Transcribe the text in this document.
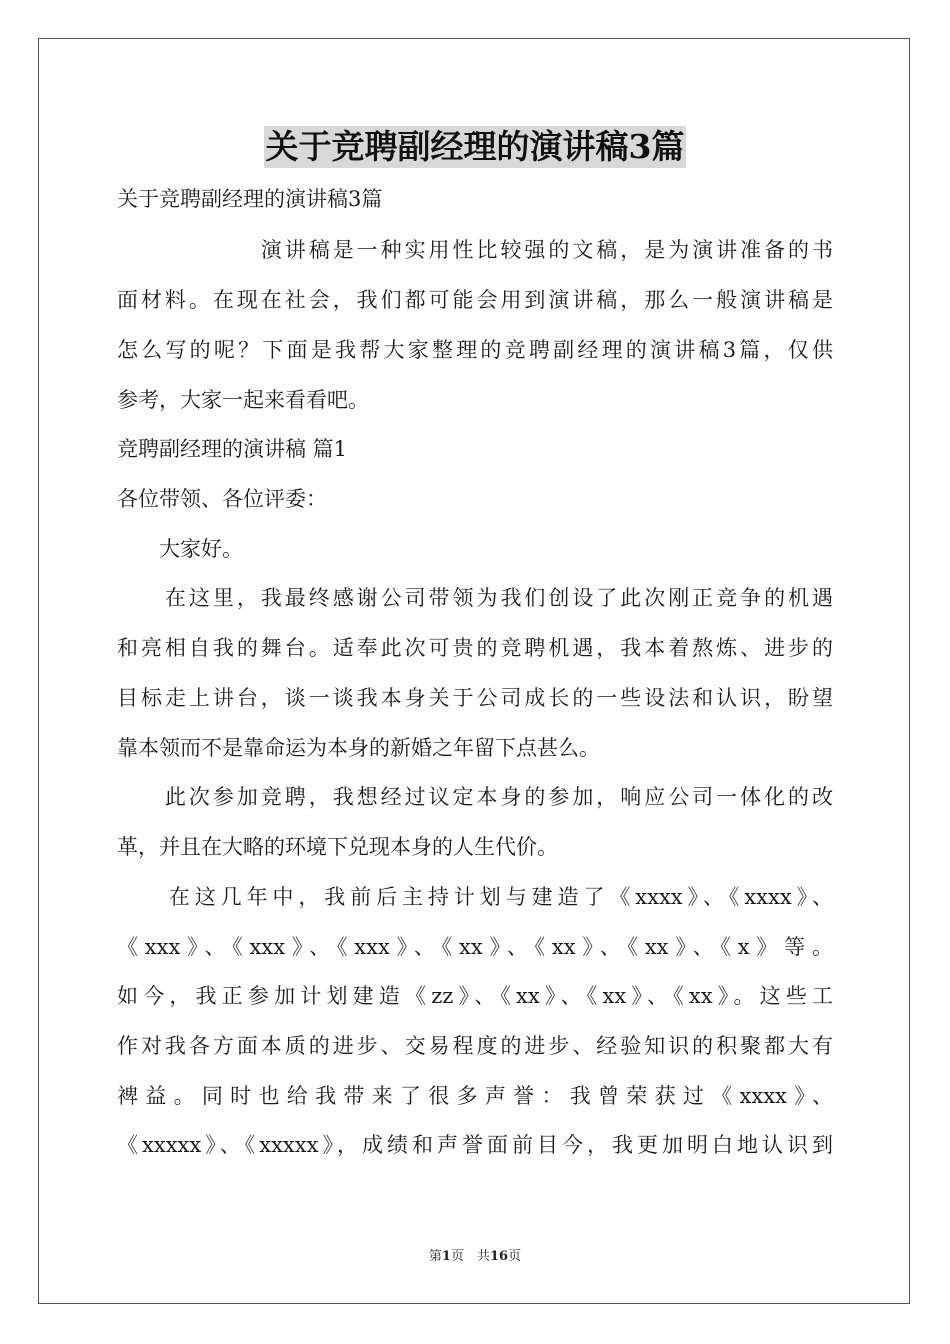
关于竞聘副经理的演讲稿3篇
关于竞聘副经理的演讲稿3篇
　　　　　　演讲稿是一种实用性比较强的文稿，是为演讲准备的书
面材料。在现在社会，我们都可能会用到演讲稿，那么一般演讲稿是
怎么写的呢？下面是我帮大家整理的竞聘副经理的演讲稿3篇，仅供
参考，大家一起来看看吧。
竞聘副经理的演讲稿 篇1
各位带领、各位评委：
　　大家好。
　　在这里，我最终感谢公司带领为我们创设了此次刚正竞争的机遇
和亮相自我的舞台。适奉此次可贵的竞聘机遇，我本着熬炼、进步的
目标走上讲台，谈一谈我本身关于公司成长的一些设法和认识，盼望
靠本领而不是靠命运为本身的新婚之年留下点甚么。
　　此次参加竞聘，我想经过议定本身的参加，响应公司一体化的改
革，并且在大略的环境下兑现本身的人生代价。
　　在这几年中，我前后主持计划与建造了《xxxx》、《xxxx》、
《xxx》、《xxx》、《xxx》、《xx》、《xx》、《xx》、《x》等。
如今，我正参加计划建造《zz》、《xx》、《xx》、《xx》。这些工
作对我各方面本质的进步、交易程度的进步、经验知识的积聚都大有
裨益。同时也给我带来了很多声誉：我曾荣获过《xxxx》、
《xxxxx》、《xxxxx》，成绩和声誉面前目今，我更加明白地认识到
第1页　共16页
